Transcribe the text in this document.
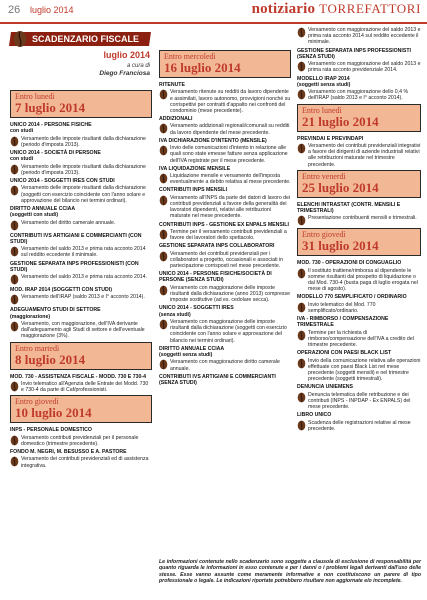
26 luglio 2014	notiziario TORREFATTORI
SCADENZARIO FISCALE
luglio 2014
a cura di
Diego Franciosa
Entro lunedì
7 luglio 2014
UNICO 2014 - PERSONE FISICHE
con studi
Versamento delle imposte risultanti dalla dichiarazione (periodo d'imposta 2013).
UNICO 2014 - SOCIETÀ DI PERSONE
con studi
Versamento delle imposte risultanti dalla dichiarazione (periodo d'imposta 2013).
UNICO 2014 - SOGGETTI IRES CON STUDI
Versamento delle imposte risultanti dalla dichiarazione (soggetti con esercizio coincidente con l'anno solare e approvazione del bilancio nei termini ordinari).
DIRITTO ANNUALE CCIAA
(soggetti con studi)
Versamento del diritto camerale annuale.
CONTRIBUTI IVS ARTIGIANI E COMMERCIANTI (CON STUDI)
Versamento del saldo 2013 e prima rata acconto 2014 sul reddito eccedente il minimale.
GESTIONE SEPARATA INPS PROFESSIONISTI (CON STUDI)
Versamento del saldo 2013 e prima rata acconto 2014.
MOD. IRAP 2014 (SOGGETTI CON STUDI)
Versamento dell'IRAP (saldo 2013 e I° acconto 2014).
ADEGUAMENTO STUDI DI SETTORE
(maggiorazione)
Versamento, con maggiorazione, dell'IVA derivante dall'adeguamento agli Studi di settore e dell'eventuale maggiorazione (3%).
Entro martedì
8 luglio 2014
MOD. 730 - ASSISTENZA FISCALE - MODD. 730 E 730-4
Invio telematico all'Agenzia delle Entrate dei Modd. 730 e 730-4 da parte di Caf/professionisti.
Entro giovedì
10 luglio 2014
INPS - PERSONALE DOMESTICO
Versamento contributi previdenziali per il personale domestico (trimestre precedente).
FONDO M. NEGRI, M. BESUSSO E A. PASTORE
Versamento dei contributi previdenziali ed di assistenza integrativa.
Entro mercoledì
16 luglio 2014
RITENUTE
Versamento ritenute su redditi da lavoro dipendente e assimilati, lavoro autonomo, provvigioni nonché su corrispettivi per contratti d'appalto nei confronti del condominio (mese precedente).
ADDIZIONALI
Versamento addizionali regionali/comunali su redditi da lavoro dipendente del mese precedente.
IVA DICHIARAZIONE D'INTENTO (MENSILE)
Invio delle comunicazioni d'intento in relazione alle quali sono state emesse fatture senza applicazione dell'IVA registrate per il mese precedente.
IVA LIQUIDAZIONE MENSILE
Liquidazione mensile e versamento dell'imposta eventualmente a debito relativa al mese precedente.
CONTRIBUTI INPS MENSILI
Versamento all'INPS da parte dei datori di lavoro dei contributi previdenziali a favore della generalità dei lavoratori dipendenti, relativi alle retribuzioni maturate nel mese precedente.
CONTRIBUTI INPS - GESTIONE EX ENPALS MENSILI
Termine per il versamento contributi previdenziali a favore dei lavoratori dello spettacolo.
GESTIONE SEPARATA INPS COLLABORATORI
Versamento dei contributi previdenziali per i collaboratori a progetto, occasionali e associati in partecipazione corrisposti nel mese precedente.
UNICO 2014 - PERSONE FISICHE/SOCIETÀ DI PERSONE (SENZA STUDI)
Versamento con maggiorazione delle imposte risultanti dalla dichiarazione (anno 2013) compresse imposte sostitutive (ad es. cedolare secca).
UNICO 2014 - SOGGETTI IRES
(senza studi)
Versamento con maggiorazione delle imposte risultanti dalla dichiarazione (soggetti con esercizio coincidente con l'anno solare e approvazione del bilancio nei termini ordinari).
DIRITTO ANNUALE CCIAA
(soggetti senza studi)
Versamento con maggiorazione diritto camerale annuale.
CONTRIBUTI IVS ARTIGIANI E COMMERCIANTI (SENZA STUDI)
Versamento con maggiorazione del saldo 2013 e prima rata acconto 2014 sul reddito eccedente il minimale.
GESTIONE SEPARATA INPS PROFESSIONISTI (SENZA STUDI)
Versamento con maggiorazione del saldo 2013 e prima rata acconto previdenziale 2014.
MODELLO IRAP 2014
(soggetti senza studi)
Versamento con maggiorazione dello 0,4 % dell'IRAP (saldo 2013 e I° acconto 2014).
Entro lunedì
21 luglio 2014
PREVINDAI E PREVINDAPI
Versamento dei contributi previdenziali integrativi a favore dei dirigenti di aziende industriali relativi alle retribuzioni maturate nel trimestre precedente.
Entro venerdì
25 luglio 2014
ELENCHI INTRASTAT (CONTR. MENSILI E TRIMESTRALI)
Presentazione contribuenti mensili e trimestrali.
Entro giovedì
31 luglio 2014
MOD. 730 - OPERAZIONI DI CONGUAGLIO
Il sostituto trattiene/rimborsa al dipendente le somme risultanti dal prospetto di liquidazione o dal Mod. 730-4 (busta paga di luglio erogata nel mese di agosto).
MODELLO 770 SEMPLIFICATO / ORDINARIO
Invio telematico del Mod. 770 semplificato/ordinario.
IVA - RIMBORSO / COMPENSAZIONE TRIMESTRALE
Termine per la richiesta di rimborso/compensazione dell'IVA a credito del trimestre precedente.
OPERAZIONI CON PAESI BLACK LIST
Invio della comunicazione relativa alle operazioni effettuate con paesi Black List nel mese precedente (soggetti mensili) e nel trimestre precedente (soggetti trimestrali).
DENUNCIA UNIEMENS
Denuncia telematica delle retribuzione e dei contributi (INPS - INPDAP - Ex ENPALS) del mese precedente.
LIBRO UNICO
Scadenza delle registrazioni relative al mese precedente.
Le informazioni contenute nello scadenzario sono soggette a clausola di esclusione di responsabilità per quanto riguarda le informazioni in esso contenute e per i danni o i problemi legali derivanti dall'uso delle stesse. Esse vanno assunte come meramente informative e non costituiscono un parere di tipo professionale o legale. Le indicazioni riportate potrebbero risultare non aggiornate e/o incomplete.
